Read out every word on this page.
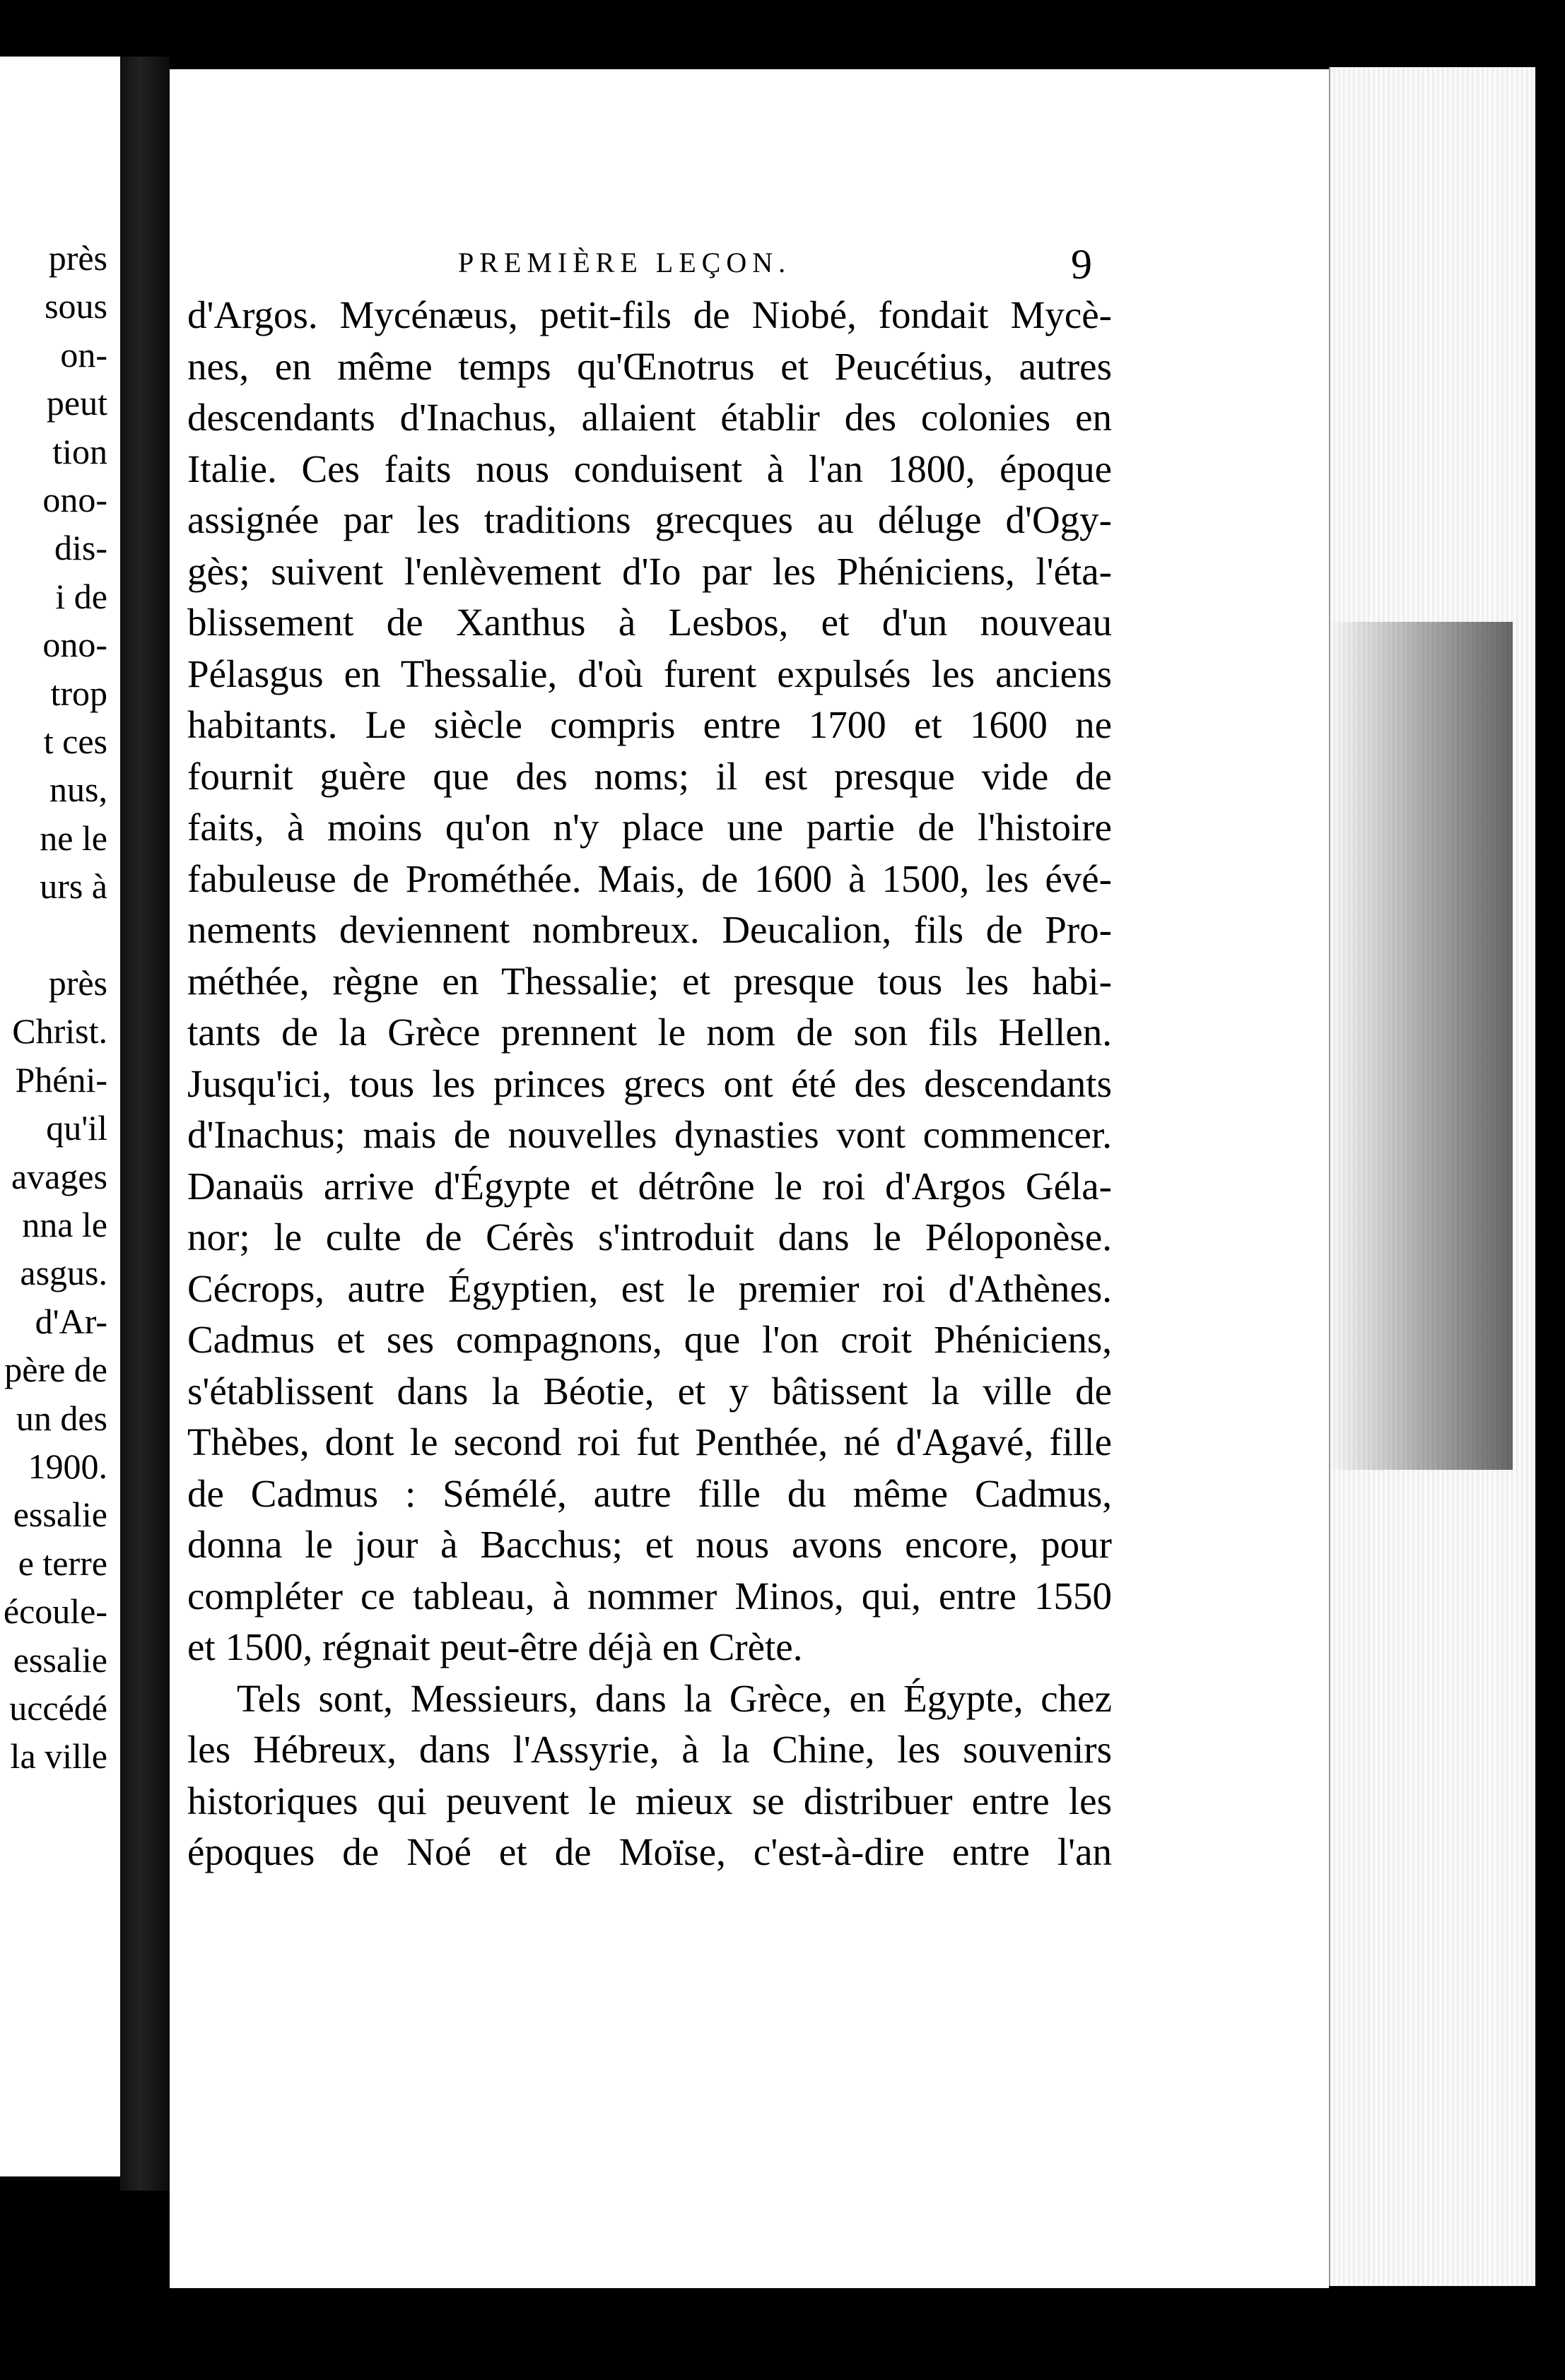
près
sous
on-
peut
tion
ono-
dis-
i de
ono-
trop
t ces
nus,
ne le
urs à
près
Christ.
Phéni-
qu'il
avages
nna le
asgus.
d'Ar-
père de
un des
1900.
essalie
e terre
écoule-
essalie
uccédé
la ville
PREMIÈRE LEÇON.	9
d'Argos. Mycénæus, petit-fils de Niobé, fondait Mycè-
nes, en même temps qu'Œnotrus et Peucétius, autres
descendants d'Inachus, allaient établir des colonies en
Italie. Ces faits nous conduisent à l'an 1800, époque
assignée par les traditions grecques au déluge d'Ogy-
gès; suivent l'enlèvement d'Io par les Phéniciens, l'éta-
blissement de Xanthus à Lesbos, et d'un nouveau
Pélasgus en Thessalie, d'où furent expulsés les anciens
habitants. Le siècle compris entre 1700 et 1600 ne
fournit guère que des noms; il est presque vide de
faits, à moins qu'on n'y place une partie de l'histoire
fabuleuse de Prométhée. Mais, de 1600 à 1500, les évé-
nements deviennent nombreux. Deucalion, fils de Pro-
méthée, règne en Thessalie; et presque tous les habi-
tants de la Grèce prennent le nom de son fils Hellen.
Jusqu'ici, tous les princes grecs ont été des descendants
d'Inachus; mais de nouvelles dynasties vont commencer.
Danaüs arrive d'Égypte et détrône le roi d'Argos Géla-
nor; le culte de Cérès s'introduit dans le Péloponèse.
Cécrops, autre Égyptien, est le premier roi d'Athènes.
Cadmus et ses compagnons, que l'on croit Phéniciens,
s'établissent dans la Béotie, et y bâtissent la ville de
Thèbes, dont le second roi fut Penthée, né d'Agavé, fille
de Cadmus : Sémélé, autre fille du même Cadmus,
donna le jour à Bacchus; et nous avons encore, pour
compléter ce tableau, à nommer Minos, qui, entre 1550
et 1500, régnait peut-être déjà en Crète.
Tels sont, Messieurs, dans la Grèce, en Égypte, chez
les Hébreux, dans l'Assyrie, à la Chine, les souvenirs
historiques qui peuvent le mieux se distribuer entre les
époques de Noé et de Moïse, c'est-à-dire entre l'an
